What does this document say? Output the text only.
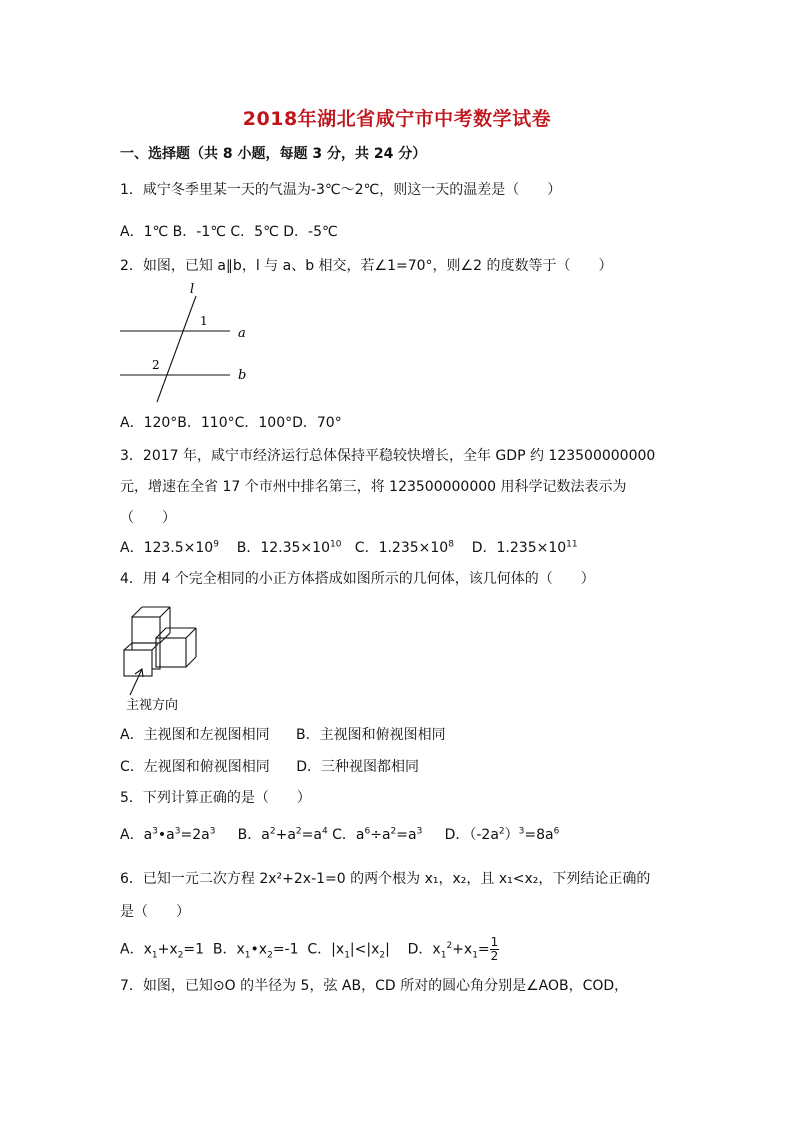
2018年湖北省咸宁市中考数学试卷
一、选择题（共 8 小题，每题 3 分，共 24 分）
1．咸宁冬季里某一天的气温为-3℃～2℃，则这一天的温差是（　　）
A．1℃ B．-1℃ C．5℃ D．-5℃
2．如图，已知 a∥b，l 与 a、b 相交，若∠1=70°，则∠2 的度数等于（　　）
l
1
a
2
b
A．120°B．110°C．100°D．70°
3．2017 年，咸宁市经济运行总体保持平稳较快增长，全年 GDP 约 123500000000
元，增速在全省 17 个市州中排名第三，将 123500000000 用科学记数法表示为
（　　）
A．$123.5\times 10^9$ B．$12.35\times 10^{10}$ C．$1.235\times 10^8$ D．$1.235\times 10^{11}$
4．用 4 个完全相同的小正方体搭成如图所示的几何体，该几何体的（　　）
主视方向
A．主视图和左视图相同 B．主视图和俯视图相同
C．左视图和俯视图相同 D．三种视图都相同
5．下列计算正确的是（　　）
A．$a^3•a^3=2a^3$     B．$a^2+a^2=a^4$ C．$a^6\div a^2=a^3$     D．$(-2a^2)^3=8a^6$
6．已知一元二次方程 2x²+2x-1=0 的两个根为 x₁，x₂，且 x₁<x₂，下列结论正确的
是（　　）
A．$x_1+x_2=1$  B．$x_1•x_2=-1$  C．$|x_1|<|x_2|$    D．$x_1^2+x_1= \frac{1}{2}$
7．如图，已知⊙O 的半径为 5，弦 AB，CD 所对的圆心角分别是∠AOB，COD，
